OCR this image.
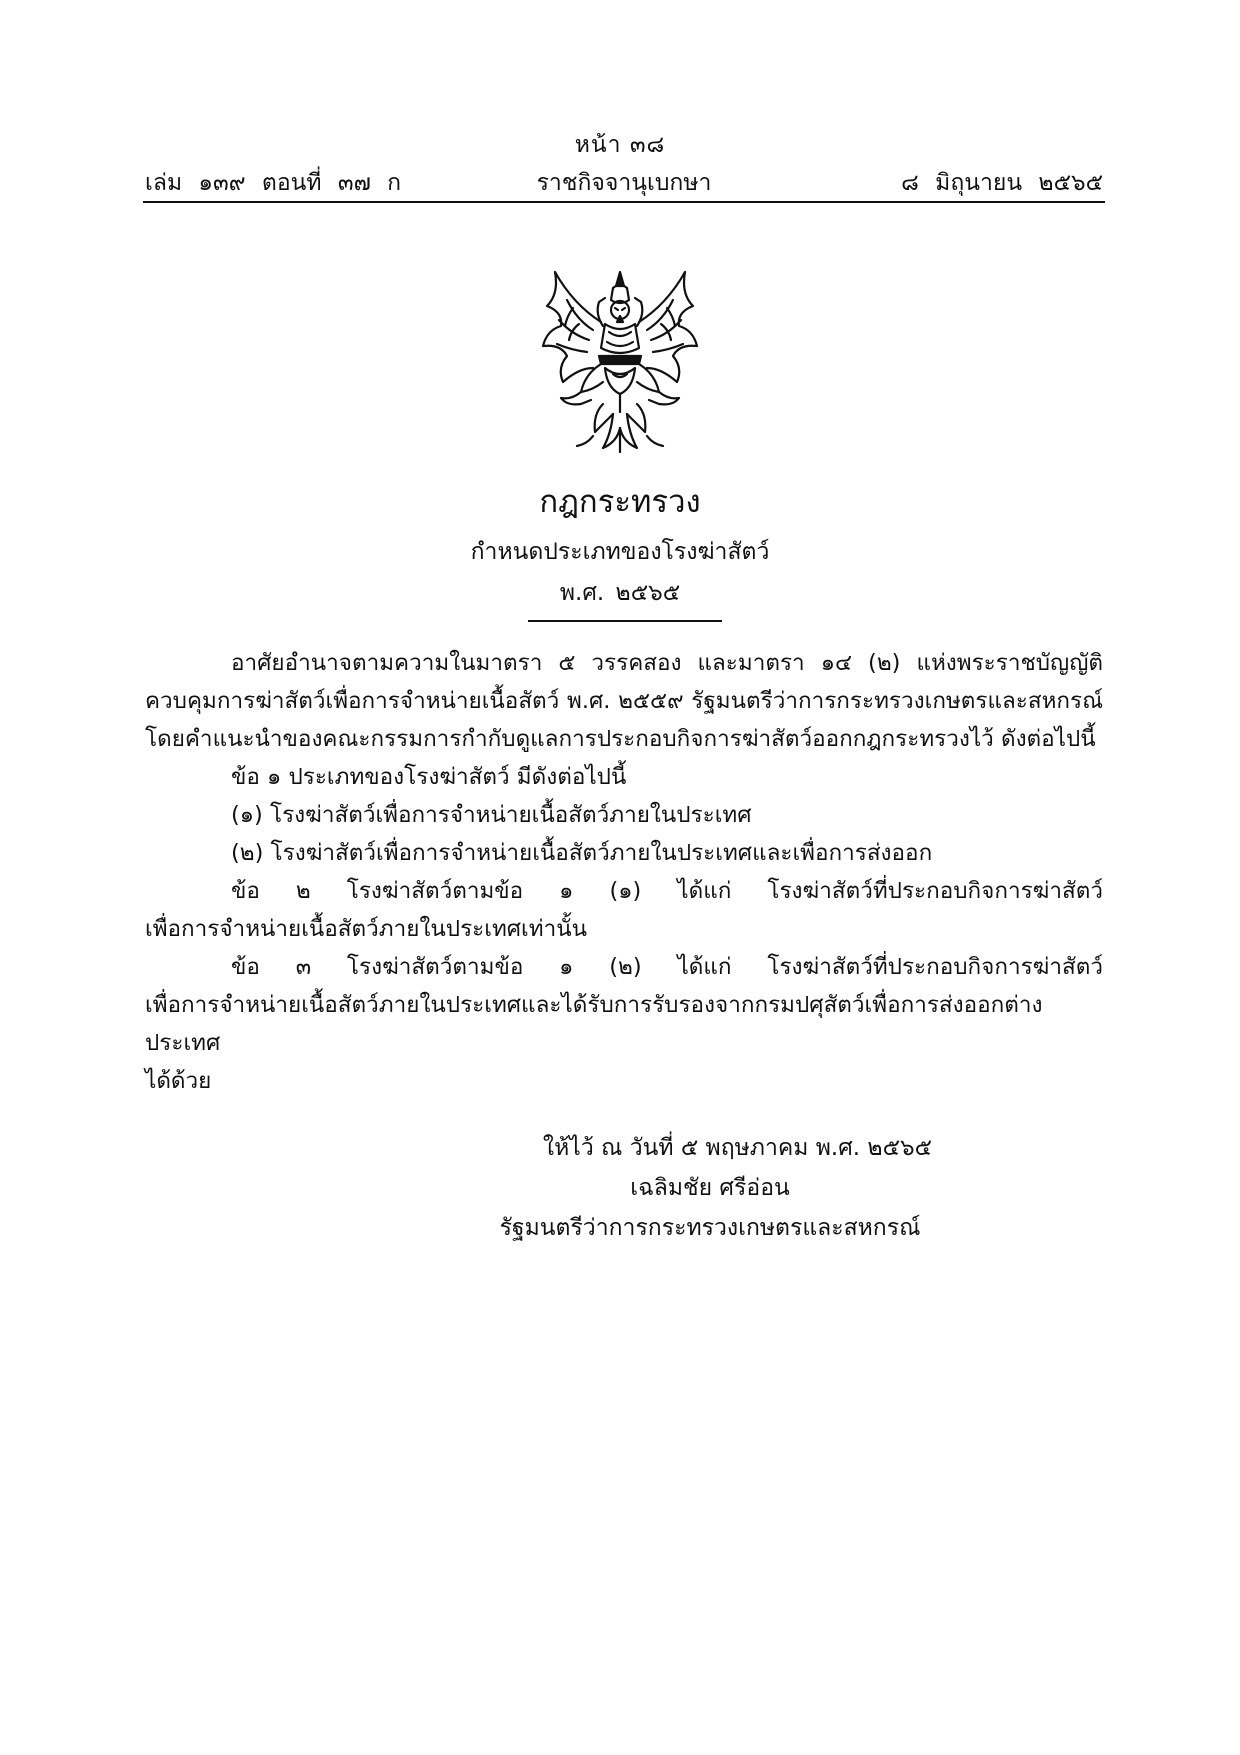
หน้า ๓๘
เล่ม ๑๓๙ ตอนที่ ๓๗ ก	ราชกิจจานุเบกษา	๘ มิถุนายน ๒๕๖๕
กฎกระทรวง
กำหนดประเภทของโรงฆ่าสัตว์
พ.ศ. ๒๕๖๕

อาศัยอำนาจตามความในมาตรา ๕ วรรคสอง และมาตรา ๑๔ (๒) แห่งพระราชบัญญัติ

ควบคุมการฆ่าสัตว์เพื่อการจำหน่ายเนื้อสัตว์ พ.ศ. ๒๕๕๙ รัฐมนตรีว่าการกระทรวงเกษตรและสหกรณ์

โดยคำแนะนำของคณะกรรมการกำกับดูแลการประกอบกิจการฆ่าสัตว์ออกกฎกระทรวงไว้ ดังต่อไปนี้

ข้อ ๑ ประเภทของโรงฆ่าสัตว์ มีดังต่อไปนี้

(๑) โรงฆ่าสัตว์เพื่อการจำหน่ายเนื้อสัตว์ภายในประเทศ

(๒) โรงฆ่าสัตว์เพื่อการจำหน่ายเนื้อสัตว์ภายในประเทศและเพื่อการส่งออก

ข้อ ๒ โรงฆ่าสัตว์ตามข้อ ๑ (๑) ได้แก่ โรงฆ่าสัตว์ที่ประกอบกิจการฆ่าสัตว์

เพื่อการจำหน่ายเนื้อสัตว์ภายในประเทศเท่านั้น

ข้อ ๓ โรงฆ่าสัตว์ตามข้อ ๑ (๒) ได้แก่ โรงฆ่าสัตว์ที่ประกอบกิจการฆ่าสัตว์

เพื่อการจำหน่ายเนื้อสัตว์ภายในประเทศและได้รับการรับรองจากกรมปศุสัตว์เพื่อการส่งออกต่างประเทศ

ได้ด้วย

ให้ไว้ ณ วันที่ ๕ พฤษภาคม พ.ศ. ๒๕๖๕
เฉลิมชัย ศรีอ่อน
รัฐมนตรีว่าการกระทรวงเกษตรและสหกรณ์
